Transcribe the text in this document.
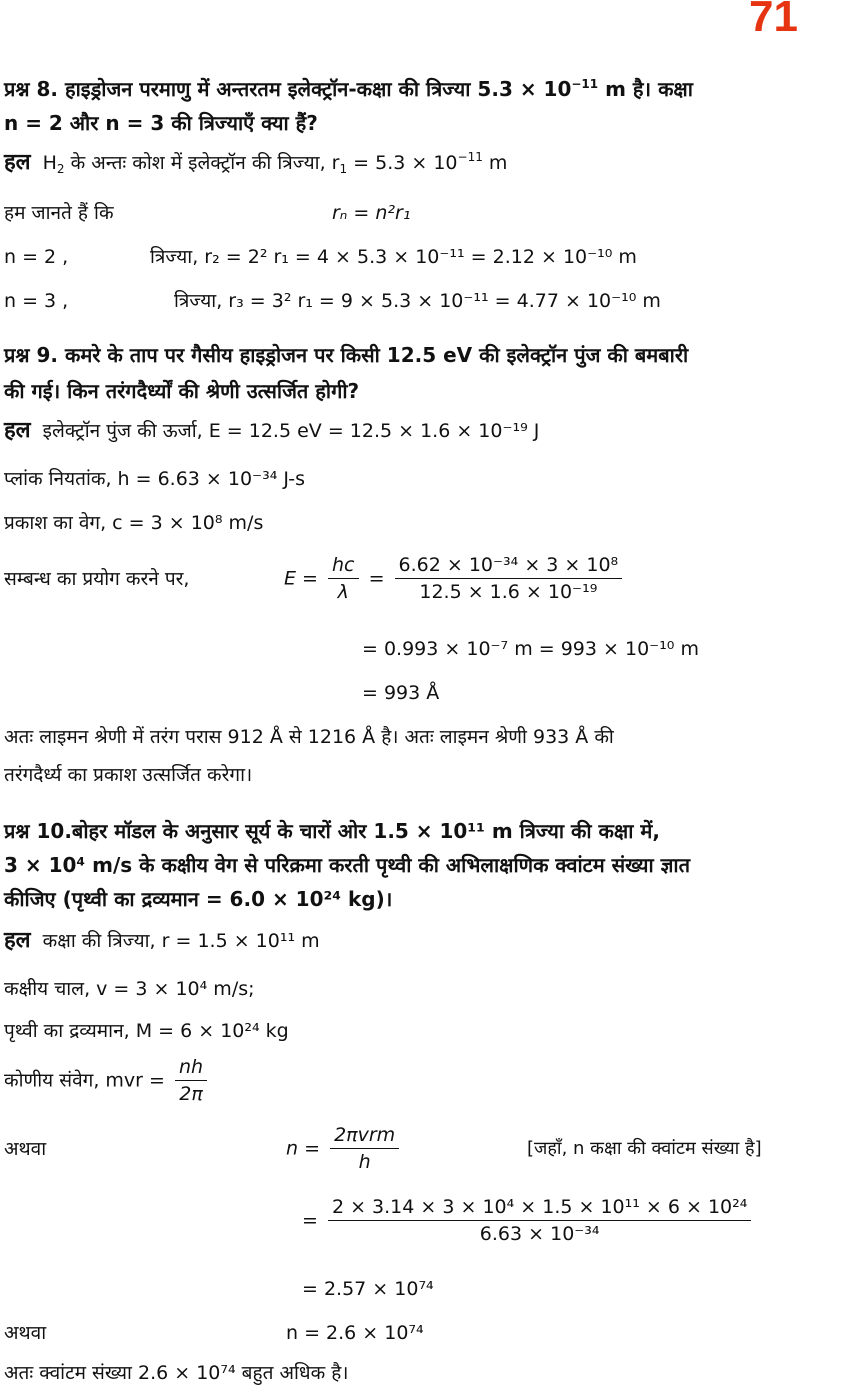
71
प्रश्न 8. हाइड्रोजन परमाणु में अन्तरतम इलेक्ट्रॉन-कक्षा की त्रिज्या $5.3 \times 10^{-11}$ m है। कक्षा
n = 2 और n = 3 की त्रिज्याएँ क्या हैं?
हल $H_2$ के अन्तः कोश में इलेक्ट्रॉन की त्रिज्या, $r_1 = 5.3 \times 10^{-11}$ m
हम जानते हैं कि	rₙ = n²r₁
n = 2 ,	त्रिज्या, r₂ = 2² r₁ = 4 × 5.3 × 10⁻¹¹ = 2.12 × 10⁻¹⁰ m
n = 3 ,	त्रिज्या, r₃ = 3² r₁ = 9 × 5.3 × 10⁻¹¹ = 4.77 × 10⁻¹⁰ m
प्रश्न 9. कमरे के ताप पर गैसीय हाइड्रोजन पर किसी 12.5 eV की इलेक्ट्रॉन पुंज की बमबारी
की गई। किन तरंगदैर्ध्यों की श्रेणी उत्सर्जित होगी?
हल इलेक्ट्रॉन पुंज की ऊर्जा, E = 12.5 eV = 12.5 × 1.6 × 10⁻¹⁹ J
प्लांक नियतांक, h = 6.63 × 10⁻³⁴ J-s
प्रकाश का वेग, c = 3 × 10⁸ m/s
सम्बन्ध का प्रयोग करने पर,	$E = \frac{hc}{\lambda} = \frac{\text{6.62 × 10⁻³⁴ × 3 × 10⁸}}{\text{12.5 × 1.6 × 10⁻¹⁹}}$
= 0.993 × 10⁻⁷ m = 993 × 10⁻¹⁰ m
= 993 Å
अतः लाइमन श्रेणी में तरंग परास 912 Å से 1216 Å है। अतः लाइमन श्रेणी 933 Å की
तरंगदैर्ध्य का प्रकाश उत्सर्जित करेगा।
प्रश्न 10.बोहर मॉडल के अनुसार सूर्य के चारों ओर 1.5 × 10¹¹ m त्रिज्या की कक्षा में,
3 × 10⁴ m/s के कक्षीय वेग से परिक्रमा करती पृथ्वी की अभिलाक्षणिक क्वांटम संख्या ज्ञात
कीजिए (पृथ्वी का द्रव्यमान = 6.0 × 10²⁴ kg)।
हल कक्षा की त्रिज्या, r = 1.5 × 10¹¹ m
कक्षीय चाल, v = 3 × 10⁴ m/s;
पृथ्वी का द्रव्यमान, M = 6 × 10²⁴ kg
कोणीय संवेग, mvr = $\frac{nh}{2\pi}$
अथवा	$n = \frac{\text{2πvrm}}{h}$	[जहाँ, n कक्षा की क्वांटम संख्या है]
= $\frac{\text{2 × 3.14 × 3 × 10⁴ × 1.5 × 10¹¹ × 6 × 10²⁴}}{\text{6.63 × 10⁻³⁴}}$
= 2.57 × 10⁷⁴
अथवा	n = 2.6 × 10⁷⁴
अतः क्वांटम संख्या 2.6 × 10⁷⁴ बहुत अधिक है।
